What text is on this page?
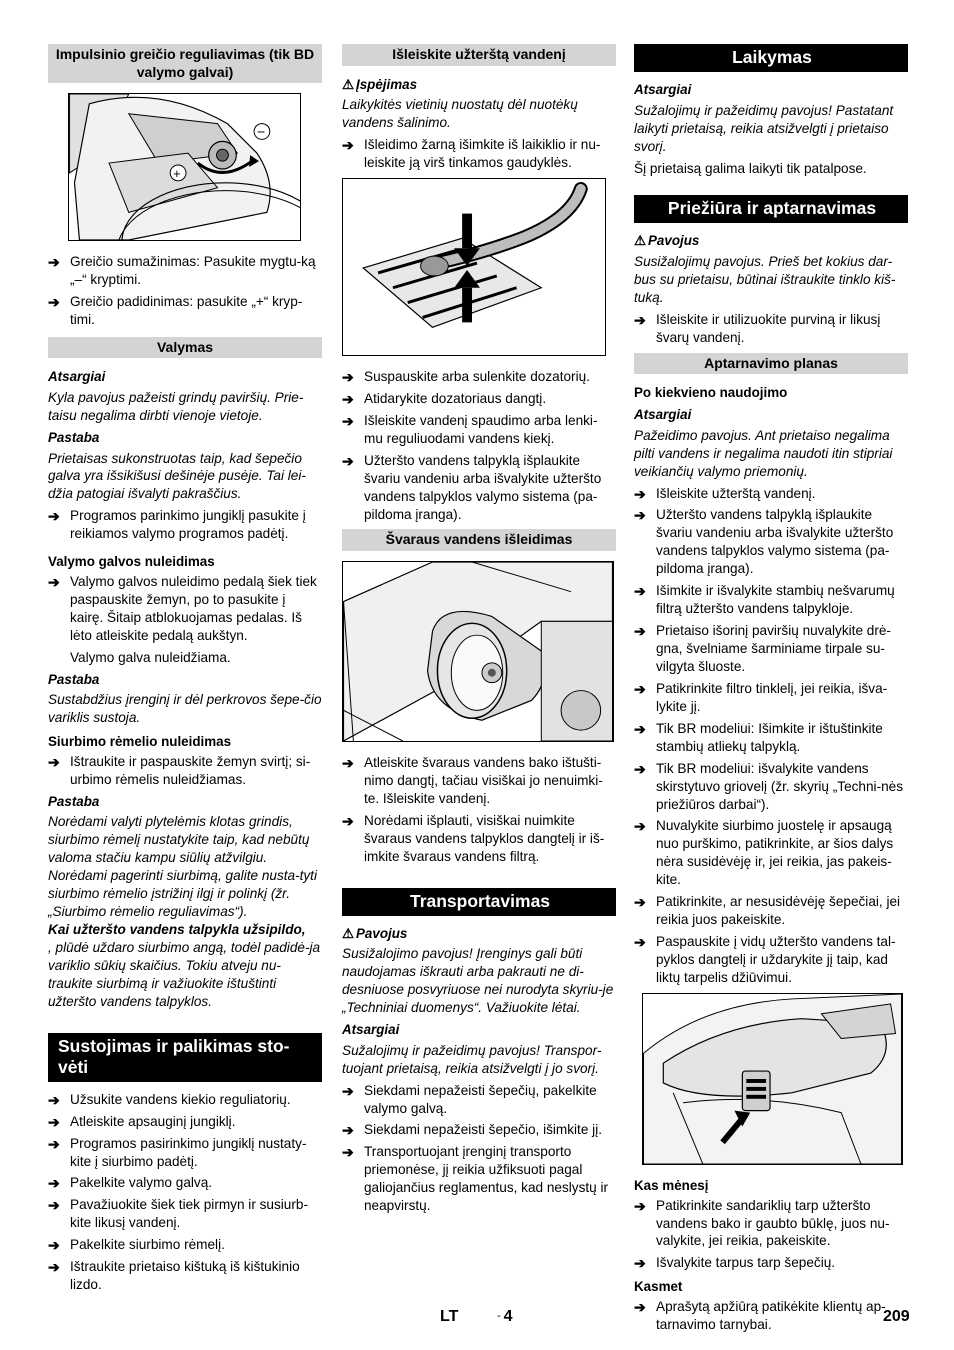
Impulsinio greičio reguliavimas (tik BD valymo galvai)
+
−
➔ Greičio sumažinimas: Pasukite mygtu-ką „–“ kryptimi.
➔ Greičio padidinimas: pasukite „+“ kryp-timi.
Valymas
Atsargiai
Kyla pavojus pažeisti grindų paviršių. Prie-taisu negalima dirbti vienoje vietoje.
Pastaba
Prietaisas sukonstruotas taip, kad šepečio galva yra išsikišusi dešinėje pusėje. Tai lei-džia patogiai išvalyti pakraščius.
➔ Programos parinkimo jungiklį pasukite į reikiamos valymo programos padėtį.
Valymo galvos nuleidimas
➔ Valymo galvos nuleidimo pedalą šiek tiek paspauskite žemyn, po to pasukite į kairę. Šitaip atblokuojamas pedalas. Iš lėto atleiskite pedalą aukštyn.
Valymo galva nuleidžiama.
Pastaba
Sustabdžius įrenginį ir dėl perkrovos šepe-čio variklis sustoja.
Siurbimo rėmelio nuleidimas
➔ Ištraukite ir paspauskite žemyn svirtį; si-urbimo rėmelis nuleidžiamas.
Pastaba
Norėdami valyti plytelėmis klotas grindis, siurbimo rėmelį nustatykite taip, kad nebūtų valoma stačiu kampu siūlių atžvilgiu. Norėdami pagerinti siurbimą, galite nusta-tyti siurbimo rėmelio įstrižinį ilgį ir polinkį (žr. „Siurbimo rėmelio reguliavimas“).
Kai užteršto vandens talpykla užsipildo,
, plūdė uždaro siurbimo angą, todėl padidė-ja variklio sūkių skaičius. Tokiu atveju nu-traukite siurbimą ir važiuokite ištuštinti užteršto vandens talpyklos.
Sustojimas ir palikimas sto-vėti
➔ Užsukite vandens kiekio reguliatorių.
➔ Atleiskite apsauginį jungiklį.
➔ Programos pasirinkimo jungiklį nustaty-kite į siurbimo padėtį.
➔ Pakelkite valymo galvą.
➔ Pavažiuokite šiek tiek pirmyn ir susiurb-kite likusį vandenį.
➔ Pakelkite siurbimo rėmelį.
➔ Ištraukite prietaiso kištuką iš kištukinio lizdo.
Išleiskite užterštą vandenį
⚠ Įspėjimas
Laikykitės vietinių nuostatų dėl nuotėkų vandens šalinimo.
➔ Išleidimo žarną išimkite iš laikiklio ir nu-leiskite ją virš tinkamos gaudyklės.
➔ Suspauskite arba sulenkite dozatorių.
➔ Atidarykite dozatoriaus dangtį.
➔ Išleiskite vandenį spaudimo arba lenki-mu reguliuodami vandens kiekį.
➔ Užteršto vandens talpyklą išplaukite švariu vandeniu arba išvalykite užteršto vandens talpyklos valymo sistema (pa-pildoma įranga).
Švaraus vandens išleidimas
➔ Atleiskite švaraus vandens bako ištušti-nimo dangtį, tačiau visiškai jo nenuimki-te. Išleiskite vandenį.
➔ Norėdami išplauti, visiškai nuimkite švaraus vandens talpyklos dangtelį ir iš-imkite švaraus vandens filtrą.
Transportavimas
⚠ Pavojus
Susižalojimo pavojus! Įrenginys gali būti naudojamas iškrauti arba pakrauti ne di-desniuose posvyriuose nei nurodyta skyriu-je „Techniniai duomenys“. Važiuokite lėtai.
Atsargiai
Sužalojimų ir pažeidimų pavojus! Transpor-tuojant prietaisą, reikia atsižvelgti į jo svorį.
➔ Siekdami nepažeisti šepečių, pakelkite valymo galvą.
➔ Siekdami nepažeisti šepečio, išimkite jį.
➔ Transportuojant įrenginį transporto priemonėse, jį reikia užfiksuoti pagal galiojančius reglamentus, kad neslystų ir neapvirstų.
Laikymas
Atsargiai
Sužalojimų ir pažeidimų pavojus! Pastatant laikyti prietaisą, reikia atsižvelgti į prietaiso svorį.

Šį prietaisą galima laikyti tik patalpose.

Priežiūra ir aptarnavimas
⚠ Pavojus
Susižalojimų pavojus. Prieš bet kokius dar-bus su prietaisu, būtinai ištraukite tinklo kiš-tuką.
➔ Išleiskite ir utilizuokite purviną ir likusį švarų vandenį.
Aptarnavimo planas
Po kiekvieno naudojimo
Atsargiai
Pažeidimo pavojus. Ant prietaiso negalima pilti vandens ir negalima naudoti itin stipriai veikiančių valymo priemonių.
➔ Išleiskite užterštą vandenį.
➔ Užteršto vandens talpyklą išplaukite švariu vandeniu arba išvalykite užteršto vandens talpyklos valymo sistema (pa-pildoma įranga).
➔ Išimkite ir išvalykite stambių nešvarumų filtrą užteršto vandens talpykloje.
➔ Prietaiso išorinį paviršių nuvalykite drė-gna, švelniame šarminiame tirpale su-vilgyta šluoste.
➔ Patikrinkite filtro tinklelį, jei reikia, išva-lykite jį.
➔ Tik BR modeliui: Išimkite ir ištuštinkite stambių atliekų talpyklą.
➔ Tik BR modeliui: išvalykite vandens skirstytuvo griovelį (žr. skyrių „Techni-nės priežiūros darbai“).
➔ Nuvalykite siurbimo juostelę ir apsaugą nuo purškimo, patikrinkite, ar šios dalys nėra susidėvėję ir, jei reikia, jas pakeis-kite.
➔ Patikrinkite, ar nesusidėvėję šepečiai, jei reikia juos pakeiskite.
➔ Paspauskite į vidų užteršto vandens tal-pyklos dangtelį ir uždarykite jį taip, kad liktų tarpelis džiūvimui.
Kas mėnesį
➔ Patikrinkite sandariklių tarp užteršto vandens bako ir gaubto būklę, juos nu-valykite, jei reikia, pakeiskite.
➔ Išvalykite tarpus tarp šepečių.
Kasmet
➔ Aprašytą apžiūrą patikėkite klientų ap-tarnavimo tarnybai.
LT	- 4	209
